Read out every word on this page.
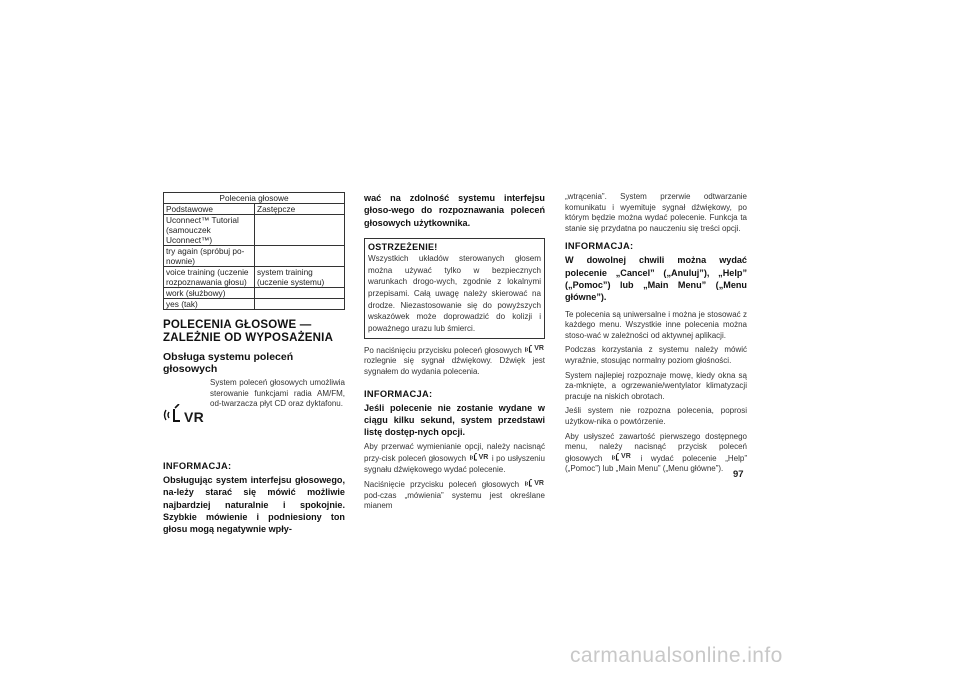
Polecenia głosowe	
Podstawowe	Zastępcze
Uconnect™ Tutorial (samouczek Uconnect™)	
try again (spróbuj po-nownie)	
voice training (uczenie rozpoznawania głosu)	system training (uczenie systemu)
work (służbowy)	
yes (tak)	
POLECENIA GŁOSOWE —
ZALEŻNIE OD WYPOSAŻENIA
Obsługa systemu poleceń głosowych
VR
System poleceń głosowych umożliwia sterowanie funkcjami radia AM/FM, od-twarzacza płyt CD oraz dyktafonu.
INFORMACJA:

Obsługując system interfejsu głosowego, na-leży starać się mówić możliwie najbardziej naturalnie i spokojnie. Szybkie mówienie i podniesiony ton głosu mogą negatywnie wpły-

wać na zdolność systemu interfejsu głoso-wego do rozpoznawania poleceń głosowych użytkownika.

OSTRZEŻENIE!
Wszystkich układów sterowanych głosem można używać tylko w bezpiecznych warunkach drogo-wych, zgodnie z lokalnymi przepisami. Całą uwagę należy skierować na drodze. Niezastosowanie się do powyższych wskazówek może doprowadzić do kolizji i poważnego urazu lub śmierci.

Po naciśnięciu przycisku poleceń głosowych VR
rozlegnie się sygnał dźwiękowy. Dźwięk jest sygnałem do wydania polecenia.

INFORMACJA:

Jeśli polecenie nie zostanie wydane w ciągu kilku sekund, system przedstawi listę dostęp-nych opcji.

Aby przerwać wymienianie opcji, należy nacisnąć przy-cisk poleceń głosowych VR i po usłyszeniu sygnału dźwiękowego wydać polecenie.

Naciśnięcie przycisku poleceń głosowych VR
pod-czas „mówienia” systemu jest określane mianem

„wtrącenia”. System przerwie odtwarzanie komunikatu i wyemituje sygnał dźwiękowy, po którym będzie można wydać polecenie. Funkcja ta stanie się przydatna po nauczeniu się treści opcji.

INFORMACJA:

W dowolnej chwili można wydać polecenie „Cancel” („Anuluj”), „Help” („Pomoc”) lub „Main Menu” („Menu główne”).

Te polecenia są uniwersalne i można je stosować z każdego menu. Wszystkie inne polecenia można stoso-wać w zależności od aktywnej aplikacji.

Podczas korzystania z systemu należy mówić wyraźnie, stosując normalny poziom głośności.

System najlepiej rozpoznaje mowę, kiedy okna są za-mknięte, a ogrzewanie/wentylator klimatyzacji pracuje na niskich obrotach.

Jeśli system nie rozpozna polecenia, poprosi użytkow-nika o powtórzenie.

Aby usłyszeć zawartość pierwszego dostępnego menu, należy nacisnąć przycisk poleceń głosowych	VR i wydać polecenie „Help” („Pomoc”) lub „Main Menu” („Menu główne”).

97
carmanualsonline.info
